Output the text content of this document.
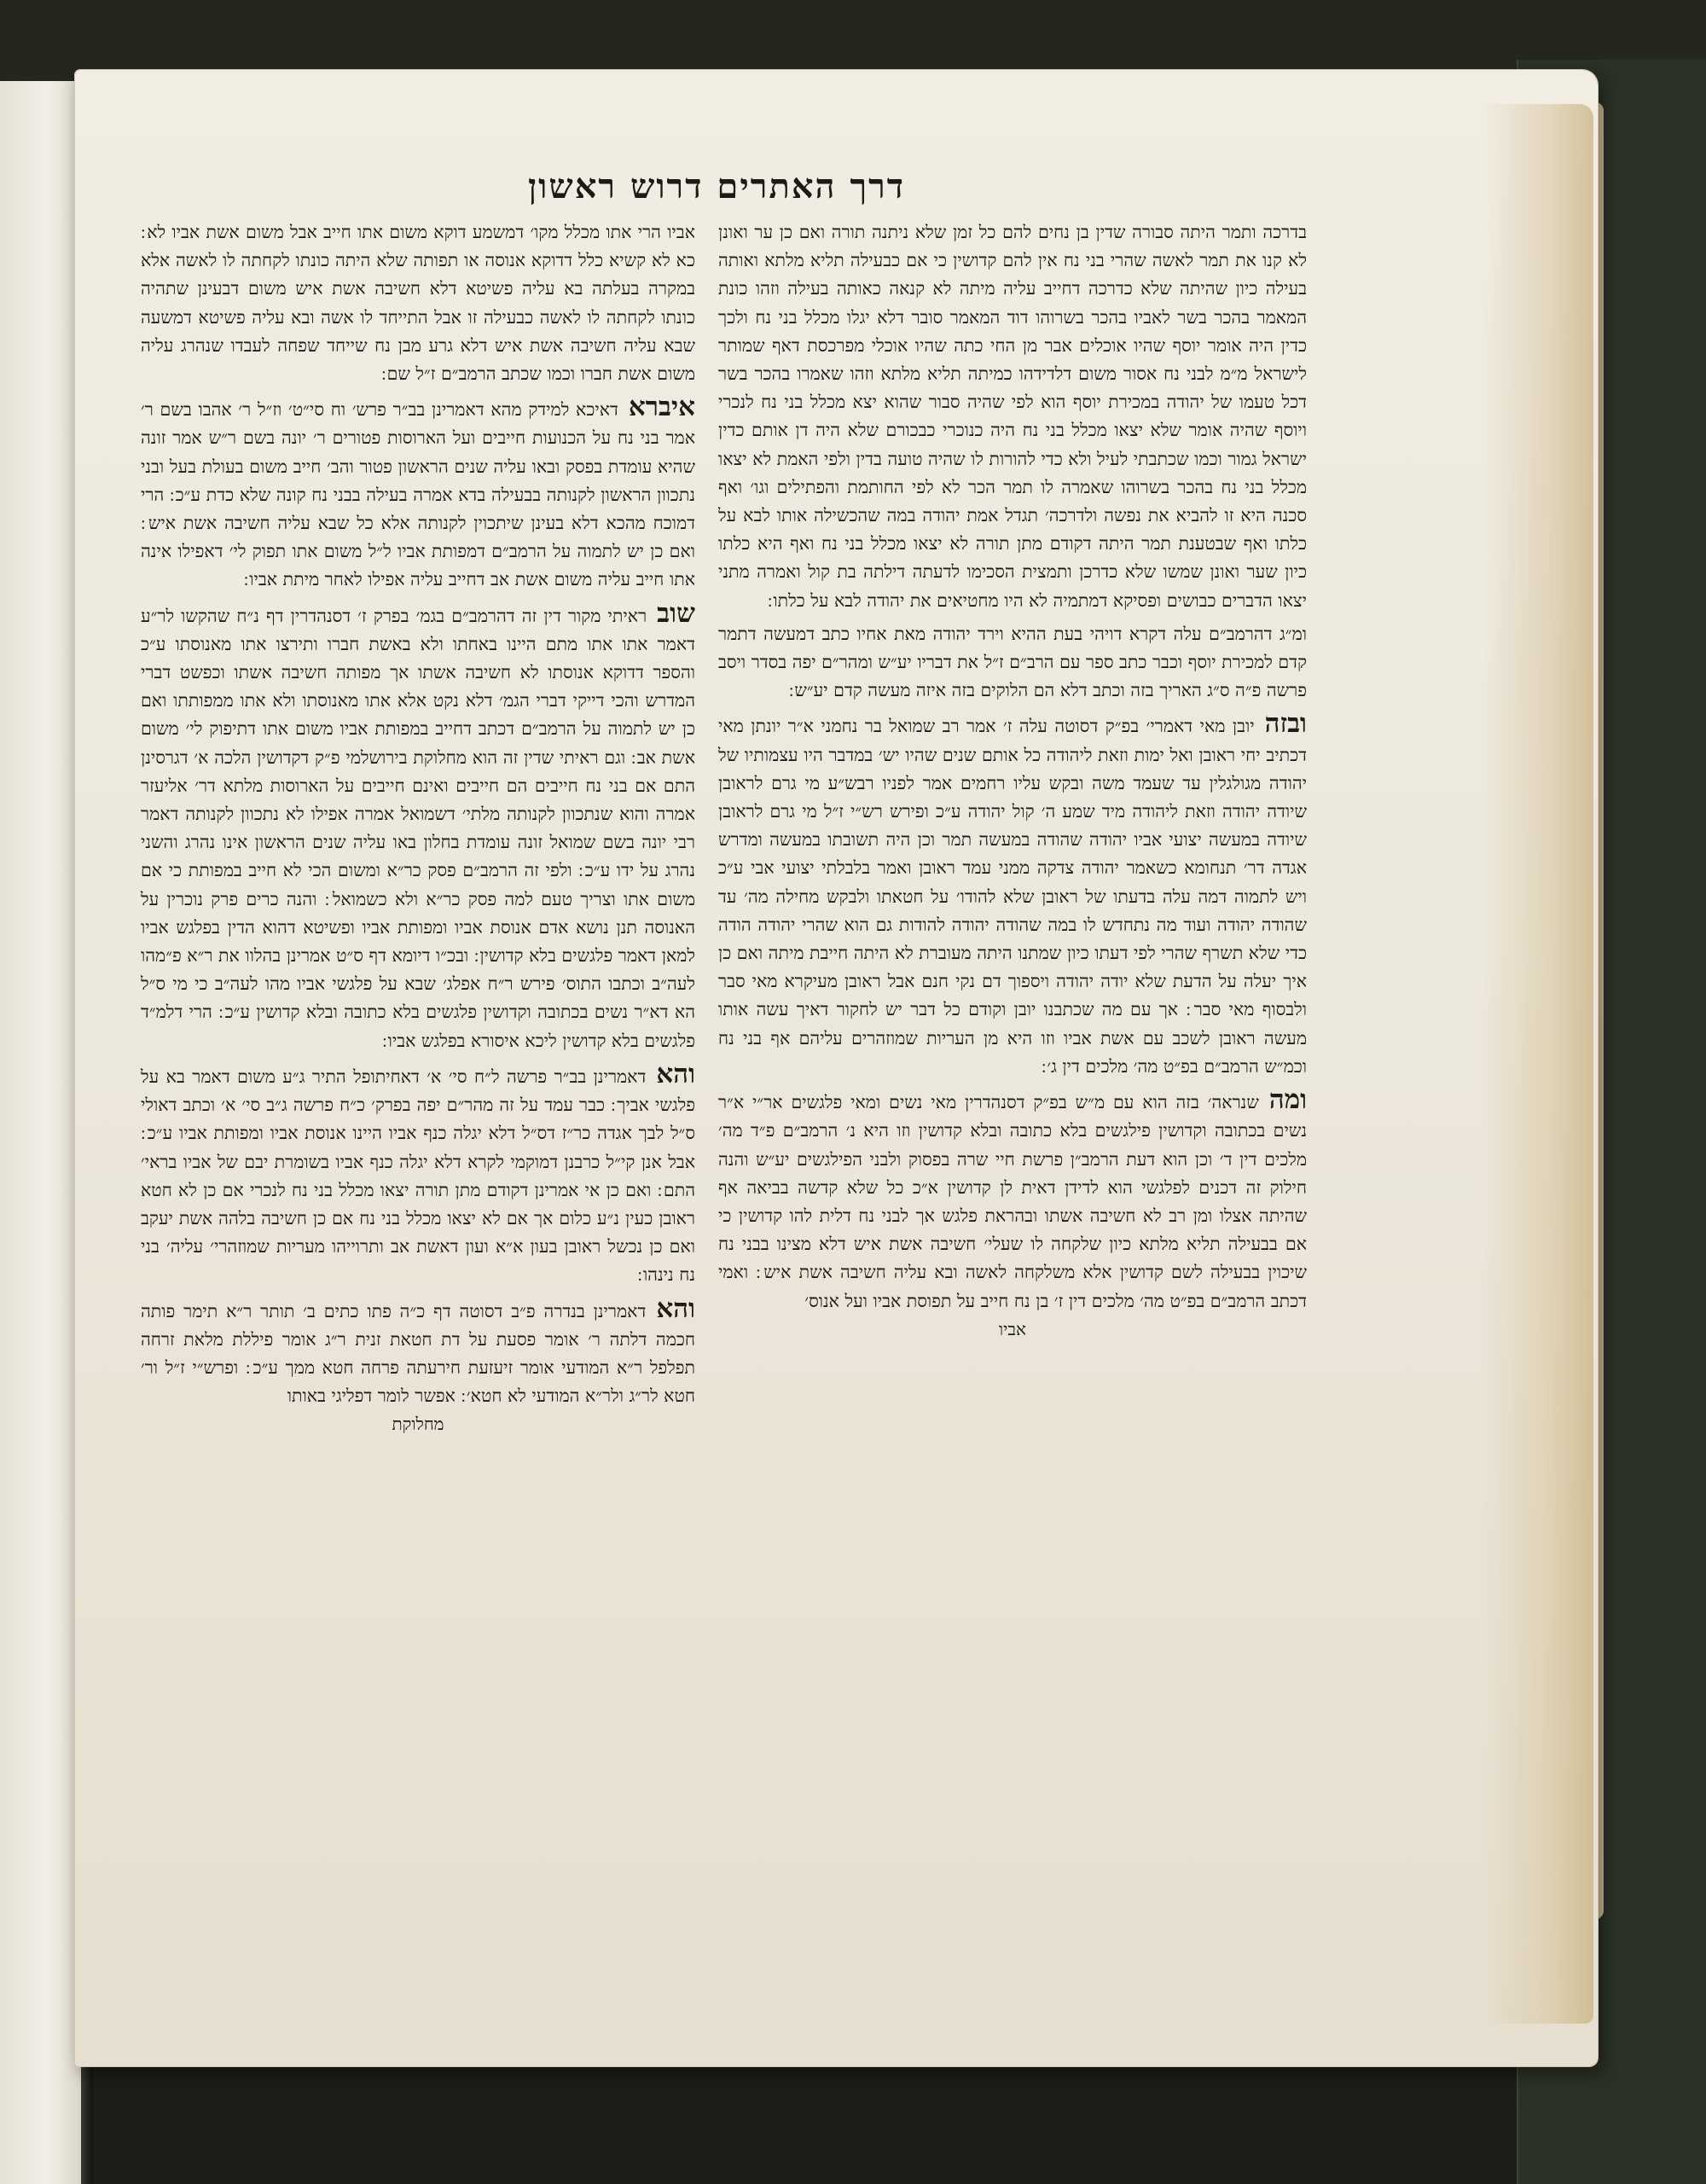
דרך האתרים דרוש ראשון

בדרכה ותמר היתה סבורה שדין בן נחים להם כל זמן שלא ניתנה תורה ואם כן ער ואונן לא קנו את תמר לאשה שהרי בני נח אין להם קדושין כי אם כבעילה תליא מלתא ואותה בעילה כיון שהיתה שלא כדרכה דחייב עליה מיתה לא קנאה כאותה בעילה וזהו כונת המאמר בהכר בשר לאביו בהכר בשרוהו דוד המאמר סובר דלא יגלו מכלל בני נח ולכך כדין היה אומר יוסף שהיו אוכלים אבר מן החי כתה שהיו אוכלי מפרכסת דאף שמותר לישראל מ״מ לבני נח אסור משום דלדידהו כמיתה תליא מלתא וזהו שאמרו בהכר בשר דכל טעמו של יהודה במכירת יוסף הוא לפי שהיה סבור שהוא יצא מכלל בני נח לנכרי ויוסף שהיה אומר שלא יצאו מכלל בני נח היה כנוכרי כבכורם שלא היה דן אותם כדין ישראל גמור וכמו שכתבתי לעיל ולא כדי להורות לו שהיה טועה בדין ולפי האמת לא יצאו מכלל בני נח בהכר בשרוהו שאמרה לו תמר הכר לא לפי החותמת והפתילים וגו׳ ואף סכנה היא זו להביא את נפשה ולדרכה׳ תגדל אמת יהודה במה שהכשילה אותו לבא על כלתו ואף שבטענת תמר היתה דקודם מתן תורה לא יצאו מכלל בני נח ואף היא כלתו כיון שער ואונן שמשו שלא כדרכן ותמצית הסכימו לדעתה דילתה בת קול ואמרה מתני יצאו הדברים כבושים ופסיקא דמתמיה לא היו מחטיאים את יהודה לבא על כלתו ׃

ומ״ג דהרמב״ם עלה דקרא דויהי בעת ההיא וירד יהודה מאת אחיו כתב דמעשה דתמר קדם למכירת יוסף וכבר כתב ספר עם הרב״ם ז״ל את דבריו יע״ש ומהר״ם יפה בסדר ויסב פרשה פ״ה ס״ג האריך בזה וכתב דלא הם הלוקים בזה איזה מעשה קדם יע״ש ׃

ובזהיובן מאי דאמרי׳ בפ״ק דסוטה עלה ז׳ אמר רב שמואל בר נחמני א״ר יונתן מאי דכתיב יחי ראובן ואל ימות וזאת ליהודה כל אותם שנים שהיו יש׳ במדבר היו עצמותיו של יהודה מגולגלין עד שעמד משה ובקש עליו רחמים אמר לפניו רבש״ע מי גרם לראובן שיודה יהודה וזאת ליהודה מיד שמע ה׳ קול יהודה ע״כ ופירש רש״י ז״ל מי גרם לראובן שיודה במעשה יצועי אביו יהודה שהודה במעשה תמר וכן היה תשובתו במעשה ומדרש אגדה דר׳ תנחומא כשאמר יהודה צדקה ממני עמד ראובן ואמר בלבלתי יצועי אבי ע״כ ויש לתמוה דמה עלה בדעתו של ראובן שלא להודו׳ על חטאתו ולבקש מחילה מה׳ עד שהודה יהודה ועוד מה נתחדש לו במה שהודה יהודה להודות גם הוא שהרי יהודה הודה כדי שלא תשרף שהרי לפי דעתו כיון שמתנו היתה מעוברת לא היתה חייבת מיתה ואם כן איך יעלה על הדעת שלא יודה יהודה ויספוך דם נקי חנם אבל ראובן מעיקרא מאי סבר ולבסוף מאי סבר ׃ אך עם מה שכתבנו יובן וקודם כל דבר יש לחקור דאיך עשה אותו מעשה ראובן לשכב עם אשת אביו וזו היא מן העריות שמוזהרים עליהם אף בני נח וכמ״ש הרמב״ם בפ״ט מה׳ מלכים דין ג׳ ׃

ומהשנראה׳ בזה הוא עם מ״ש בפ״ק דסנהדרין מאי נשים ומאי פלגשים אר״י א״ר נשים בכתובה וקדושין פילגשים בלא כתובה ובלא קדושין וזו היא נ׳ הרמב״ם פ״ד מה׳ מלכים דין ד׳ וכן הוא דעת הרמב״ן פרשת חיי שרה בפסוק ולבני הפילגשים יע״ש והנה חילוק זה דכנים לפלגשי הוא לדידן דאית לן קדושין א״כ כל שלא קדשה בביאה אף שהיתה אצלו ומן רב לא חשיבה אשתו ובהראת פלגש אך לבני נח דלית להו קדושין כי אם בבעילה תליא מלתא כיון שלקחה לו שעלי׳ חשיבה אשת איש דלא מצינו בבני נח שיכוין בבעילה לשם קדושין אלא משלקחה לאשה ובא עליה חשיבה אשת איש ׃ ואמי דכתב הרמב״ם בפ״ט מה׳ מלכים דין ז׳ בן נח חייב על תפוסת אביו ועל אנוס׳

אביו

אביו הרי אתו מכלל מקו׳ דמשמע דוקא משום אתו חייב אבל משום אשת אביו לא ׃ כא לא קשיא כלל דדוקא אנוסה או תפותה שלא היתה כונתו לקחתה לו לאשה אלא במקרה בעלתה בא עליה פשיטא דלא חשיבה אשת איש משום דבעינן שתהיה כונתו לקחתה לו לאשה כבעילה זו אבל התייחד לו אשה ובא עליה פשיטא דמשעה שבא עליה חשיבה אשת איש דלא גרע מבן נח שייחד שפחה לעבדו שנהרג עליה משום אשת חברו וכמו שכתב הרמב״ם ז״ל שם ׃

איבראדאיכא למידק מהא דאמרינן בב״ר פרש׳ וח סי״ט׳ וז״ל ר׳ אהבו בשם ר׳ אמר בני נח על הכנועות חייבים ועל הארוסות פטורים ר׳ יונה בשם ר״ש אמר זונה שהיא עומדת בפסק ובאו עליה שנים הראשון פטור והב׳ חייב משום בעולת בעל ובני נתכוון הראשון לקנותה בבעילה בדא אמרה בעילה בבני נח קונה שלא כדת ע״כ ׃ הרי דמוכח מהכא דלא בעינן שיתכוין לקנותה אלא כל שבא עליה חשיבה אשת איש ׃ ואם כן יש לתמוה על הרמב״ם דמפותת אביו ל״ל משום אתו תפוק לי׳ דאפילו אינה אתו חייב עליה משום אשת אב דחייב עליה אפילו לאחר מיתת אביו ׃

שובראיתי מקור דין זה דהרמב״ם בגמ׳ בפרק ז׳ דסנהדרין דף נ״ח שהקשו לר״ע דאמר אתו אתו מתם היינו באחתו ולא באשת חברו ותירצו אתו מאנוסתו ע״כ והספר דדוקא אנוסתו לא חשיבה אשתו אך מפותה חשיבה אשתו וכפשט דברי המדרש והכי דייקי דברי הגמ׳ דלא נקט אלא אתו מאנוסתו ולא אתו ממפותתו ואם כן יש לתמוה על הרמב״ם דכתב דחייב במפותת אביו משום אתו דתיפוק לי׳ משום אשת אב ׃ וגם ראיתי שדין זה הוא מחלוקת בירושלמי פ״ק דקדושין הלכה א׳ דגרסינן התם אם בני נח חייבים הם חייבים ואינם חייבים על הארוסות מלתא דר׳ אליעזר אמרה והוא שנתכוון לקנותה מלתי׳ דשמואל אמרה אפילו לא נתכוון לקנותה דאמר רבי יונה בשם שמואל זונה עומדת בחלון באו עליה שנים הראשון אינו נהרג והשני נהרג על ידו ע״כ ׃ ולפי זה הרמב״ם פסק כר״א ומשום הכי לא חייב במפותת כי אם משום אתו וצריך טעם למה פסק כר״א ולא כשמואל ׃ והנה כרים פרק נוכרין על האנוסה תנן נושא אדם אנוסת אביו ומפותת אביו ופשיטא דהוא הדין בפלגש אביו למאן דאמר פלגשים בלא קדושין ׃ ובכ״ו דיומא דף ס״ט אמרינן בהלוו את ר״א פ״מהו לעה״ב וכתבו התוס׳ פירש ר״ח אפלג׳ שבא על פלגשי אביו מהו לעה״ב כי מי ס״ל הא דא״ר נשים בכתובה וקדושין פלגשים בלא כתובה ובלא קדושין ע״כ ׃ הרי דלמ״ד פלגשים בלא קדושין ליכא איסורא בפלגש אביו ׃

והאדאמרינן בב״ר פרשה ל״ח סי׳ א׳ דאחיתופל התיר ג״ע משום דאמר בא על פלגשי אביך ׃ כבר עמד על זה מהר״ם יפה בפרק׳ כ״ח פרשה ג״ב סי׳ א׳ וכתב דאולי ס״ל לבך אגדה כר״ז דס״ל דלא יגלה כנף אביו היינו אנוסת אביו ומפותת אביו ע״כ ׃ אבל אנן קי״ל כרבנן דמוקמי לקרא דלא יגלה כנף אביו בשומרת יבם של אביו בראי׳ התם ׃ ואם כן אי אמרינן דקודם מתן תורה יצאו מכלל בני נח לנכרי אם כן לא חטא ראובן כעין נ״ע כלום אך אם לא יצאו מכלל בני נח אם כן חשיבה בלהה אשת יעקב ואם כן נכשל ראובן בעון א״א ועון דאשת אב ותרוייהו מעריות שמוזהרי׳ עליה׳ בני נח נינהו ׃

והאדאמרינן בנדרה פ״ב דסוטה דף כ״ה פתו כתים ב׳ תותר ר״א תימר פותה חכמה דלתה ר׳ אומר פסעת על דת חטאת זנית ר״ג אומר פיללת מלאת זרחה תפלפל ר״א המודעי אומר זיעזעת חירעתה פרחה חטא ממך ע״כ ׃ ופרש״י ז״ל ור׳ חטא לר״ג ולר״א המודעי לא חטא׳ ׃ אפשר לומר דפליגי באותו

מחלוקת
